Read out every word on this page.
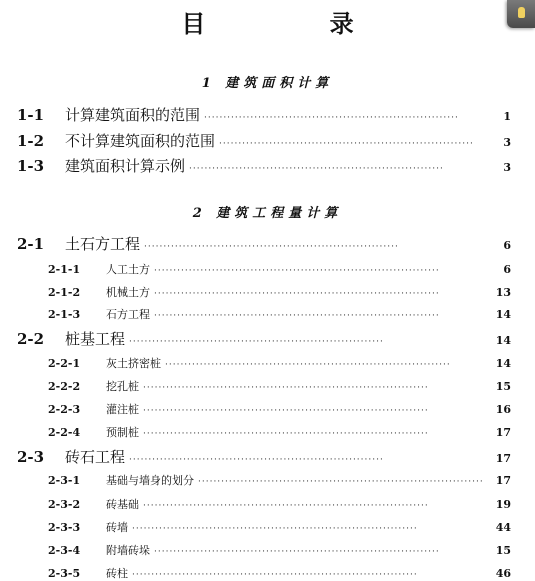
目 录
1 建筑面积计算
1-1	计算建筑面积的范围 ··································································	1
1-2	不计算建筑面积的范围 ··································································	3
1-3	建筑面积计算示例 ··································································	3
2 建筑工程量计算
2-1	土石方工程 ··································································	6
2-1-1	人工土方 ··········································································	6
2-1-2	机械土方 ··········································································	13
2-1-3	石方工程 ··········································································	14
2-2	桩基工程 ··································································	14
2-2-1	灰土挤密桩 ··········································································	14
2-2-2	挖孔桩 ··········································································	15
2-2-3	灌注桩 ··········································································	16
2-2-4	预制桩 ··········································································	17
2-3	砖石工程 ··································································	17
2-3-1	基础与墙身的划分 ··········································································	17
2-3-2	砖基础 ··········································································	19
2-3-3	砖墙 ··········································································	44
2-3-4	附墙砖垛 ··········································································	15
2-3-5	砖柱 ··········································································	46
